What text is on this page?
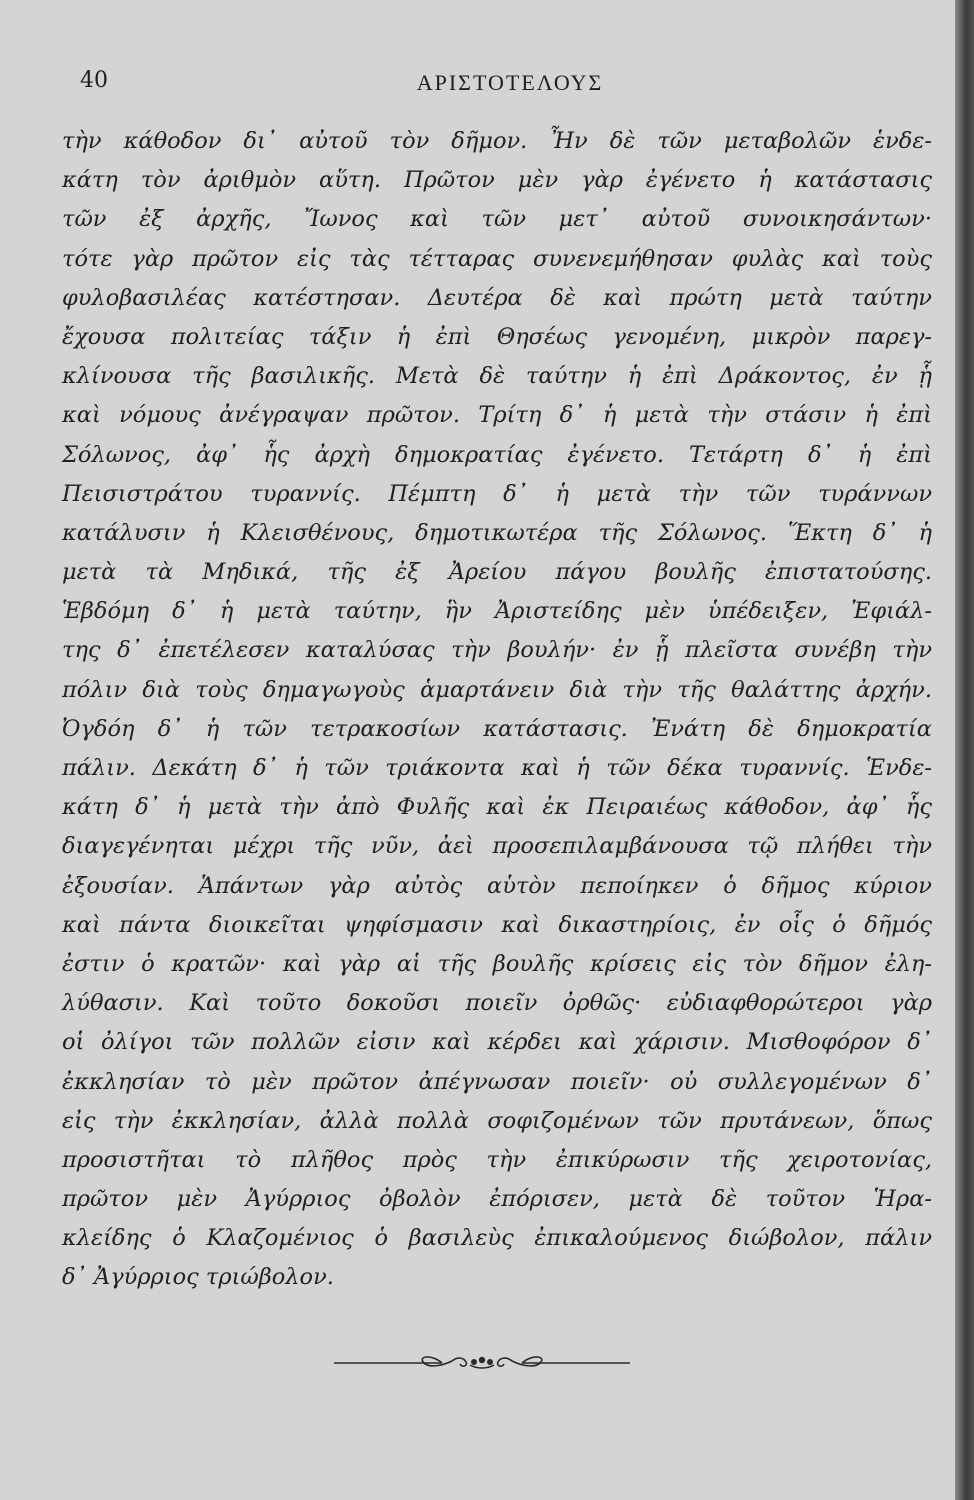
40	ΑΡΙΣΤΟΤΕΛΟΥΣ
τὴν κάθοδον δι᾽ αὐτοῦ τὸν δῆμον. Ἦν δὲ τῶν μεταβολῶν ἑνδε-
κάτη τὸν ἀριθμὸν αὕτη. Πρῶτον μὲν γὰρ ἐγένετο ἡ κατάστασις
τῶν ἐξ ἀρχῆς, Ἴωνος καὶ τῶν μετ᾽ αὐτοῦ συνοικησάντων·
τότε γὰρ πρῶτον εἰς τὰς τέτταρας συνενεμήθησαν φυλὰς καὶ τοὺς
φυλοβασιλέας κατέστησαν. Δευτέρα δὲ καὶ πρώτη μετὰ ταύτην
ἔχουσα πολιτείας τάξιν ἡ ἐπὶ Θησέως γενομένη, μικρὸν παρεγ-
κλίνουσα τῆς βασιλικῆς. Μετὰ δὲ ταύτην ἡ ἐπὶ Δράκοντος, ἐν ᾗ
καὶ νόμους ἀνέγραψαν πρῶτον. Τρίτη δ᾽ ἡ μετὰ τὴν στάσιν ἡ ἐπὶ
Σόλωνος, ἀφ᾽ ἧς ἀρχὴ δημοκρατίας ἐγένετο. Τετάρτη δ᾽ ἡ ἐπὶ
Πεισιστράτου τυραννίς. Πέμπτη δ᾽ ἡ μετὰ τὴν τῶν τυράννων
κατάλυσιν ἡ Κλεισθένους, δημοτικωτέρα τῆς Σόλωνος. Ἕκτη δ᾽ ἡ
μετὰ τὰ Μηδικά, τῆς ἐξ Ἀρείου πάγου βουλῆς ἐπιστατούσης.
Ἑβδόμη δ᾽ ἡ μετὰ ταύτην, ἣν Ἀριστείδης μὲν ὑπέδειξεν, Ἐφιάλ-
της δ᾽ ἐπετέλεσεν καταλύσας τὴν βουλήν· ἐν ᾗ πλεῖστα συνέβη τὴν
πόλιν διὰ τοὺς δημαγωγοὺς ἁμαρτάνειν διὰ τὴν τῆς θαλάττης ἀρχήν.
Ὀγδόη δ᾽ ἡ τῶν τετρακοσίων κατάστασις. Ἐνάτη δὲ δημοκρατία
πάλιν. Δεκάτη δ᾽ ἡ τῶν τριάκοντα καὶ ἡ τῶν δέκα τυραννίς. Ἑνδε-
κάτη δ᾽ ἡ μετὰ τὴν ἀπὸ Φυλῆς καὶ ἐκ Πειραιέως κάθοδον, ἀφ᾽ ἧς
διαγεγένηται μέχρι τῆς νῦν, ἀεὶ προσεπιλαμβάνουσα τῷ πλήθει τὴν
ἐξουσίαν. Ἁπάντων γὰρ αὐτὸς αὑτὸν πεποίηκεν ὁ δῆμος κύριον
καὶ πάντα διοικεῖται ψηφίσμασιν καὶ δικαστηρίοις, ἐν οἷς ὁ δῆμός
ἐστιν ὁ κρατῶν· καὶ γὰρ αἱ τῆς βουλῆς κρίσεις εἰς τὸν δῆμον ἐλη-
λύθασιν. Καὶ τοῦτο δοκοῦσι ποιεῖν ὀρθῶς· εὐδιαφθορώτεροι γὰρ
οἱ ὀλίγοι τῶν πολλῶν εἰσιν καὶ κέρδει καὶ χάρισιν. Μισθοφόρον δ᾽
ἐκκλησίαν τὸ μὲν πρῶτον ἀπέγνωσαν ποιεῖν· οὐ συλλεγομένων δ᾽
εἰς τὴν ἐκκλησίαν, ἀλλὰ πολλὰ σοφιζομένων τῶν πρυτάνεων, ὅπως
προσιστῆται τὸ πλῆθος πρὸς τὴν ἐπικύρωσιν τῆς χειροτονίας,
πρῶτον μὲν Ἀγύρριος ὀβολὸν ἐπόρισεν, μετὰ δὲ τοῦτον Ἡρα-
κλείδης ὁ Κλαζομένιος ὁ βασιλεὺς ἐπικαλούμενος διώβολον, πάλιν
δ᾽ Ἀγύρριος τριώβολον.
